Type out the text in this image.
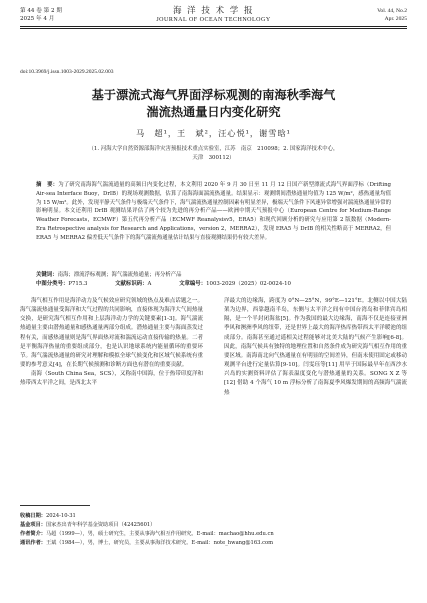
第 44 卷 第 2 期
2025 年 4 月
海 洋 技 术 学 报
JOURNAL OF OCEAN TECHNOLOGY
Vol. 44, No.2
Apr. 2025
doi:10.3969/j.issn.1003-2029.2025.02.003
基于漂流式海气界面浮标观测的南海秋季海气
湍流热通量日内变化研究
马　超¹，王　斌²，汪心悦¹，谢雪晗¹
（1. 河海大学自然资源部海洋灾害预报技术重点实验室，江苏　南京　210098；2. 国家海洋技术中心，
天津　300112）
摘　要：为了研究南海海气湍流通量的高频日内变化过程，本文利用 2020 年 9 月 30 日至 11 月 12 日国产新型漂流式海气界面浮标（Drifting Air-sea Interface Buoy，DrIB）的现场观测数据，估算了南海海面湍流热通量。结果显示：观测期间潜热通量均值为 125 W/m²，感热通量均值为 15 W/m²。此外，发现平静天气条件与极端天气条件下，海气湍流热通量控制因素有明显差异，极端天气条件下风速异常增强对湍流热通量异常的影响明显。本文还利用 DrIB 观测结果评估了两个较为先进的再分析产品——欧洲中期天气预报中心（European Centre for Medium-Range Weather Forecasts，ECMWF）第五代再分析产品（ECMWF Reanalysisv5，ERA5）和现代回顾分析的研究与应用第 2 版数据（Modern-Era Retrospective analysis for Research and Applications，version 2，MERRA2），发现 ERA5 与 DrIB 的相关性略高于 MERRA2，但 ERA5 与 MERRA2 偏差低天气条件下的海气湍流热通量估计结果与直接观测结果仍有较大差异。
关键词：南海；漂流浮标观测；海气湍流热通量；再分析产品
中图分类号：P715.3	文献标识码：A	文章编号：1003-2029（2025）02-0024-10

海气相互作用是海洋动力及气候效应研究领域的热点及难点话题之一。海气湍流热通量受海洋和大气过程的共同影响，直接体现为海洋大气间热量交换，是研究海气相互作用和上层海洋动力学的关键要素[1-3]。海气湍流热通量主要由潜热通量和感热通量两部分组成。潜热通量主要与海面蒸发过程有关，而感热通量则是海气界面热对流和湍流运动直接传输的热量。二者是平衡海洋热量的重要组成部分，也是认识地球系统内能量循环的重要环节。海气湍流热通量的研究对理解和模拟全球气候变化和区域气候系统有重要的参考意义[4]，在长期气候预测和诊断方面也有潜在的重要贡献。

南海（South China Sea，SCS），又称南中国海，位于热带印度洋和热带西太平洋之间，是西北太平

洋最大的边缘海，跨度为 0°N—25°N，99°E—121°E。北侧以中国大陆架为边界，西靠越南半岛，东侧与太平洋之间有中国台湾岛和菲律宾岛相隔，是一个半封闭海盆[5]。作为我国的最大边缘海，南海不仅是连接亚洲季风和澳洲季风的纽带，还是世界上最大的海洋热库热带西太平洋暖池的组成部分。南海甚至通过遥相关过程能够对北美大陆的气候产生影响[6-8]。因此，南海气候具有独特的地理位置和自然条件成为研究海气相互作用的重要区域。南海南北向气热通量在有明显的空间差异，但南未使用固定或移动观测平台进行定量估算[9-10]。闫雯珏等[11] 用早于国际最早年在西沙水兴岛的实测资料评估了海表温度变化与潜热通量的关系。SONG X Z 等[12] 借助 4 个海气 10 m 浮标分析了南海夏季风爆发期间的高频海气湍流热

收稿日期：2024-10-31
基金项目：国家杰出青年科学基金资助项目（42425601）
作者简介：马超（1999—），男，硕士研究生，主要从事海气相互作用研究。E-mail：machao@hhu.edu.cn
通讯作者：王斌（1984—），男，博士，研究员，主要从事海洋技术研究。E-mail：note_hwang@163.com
